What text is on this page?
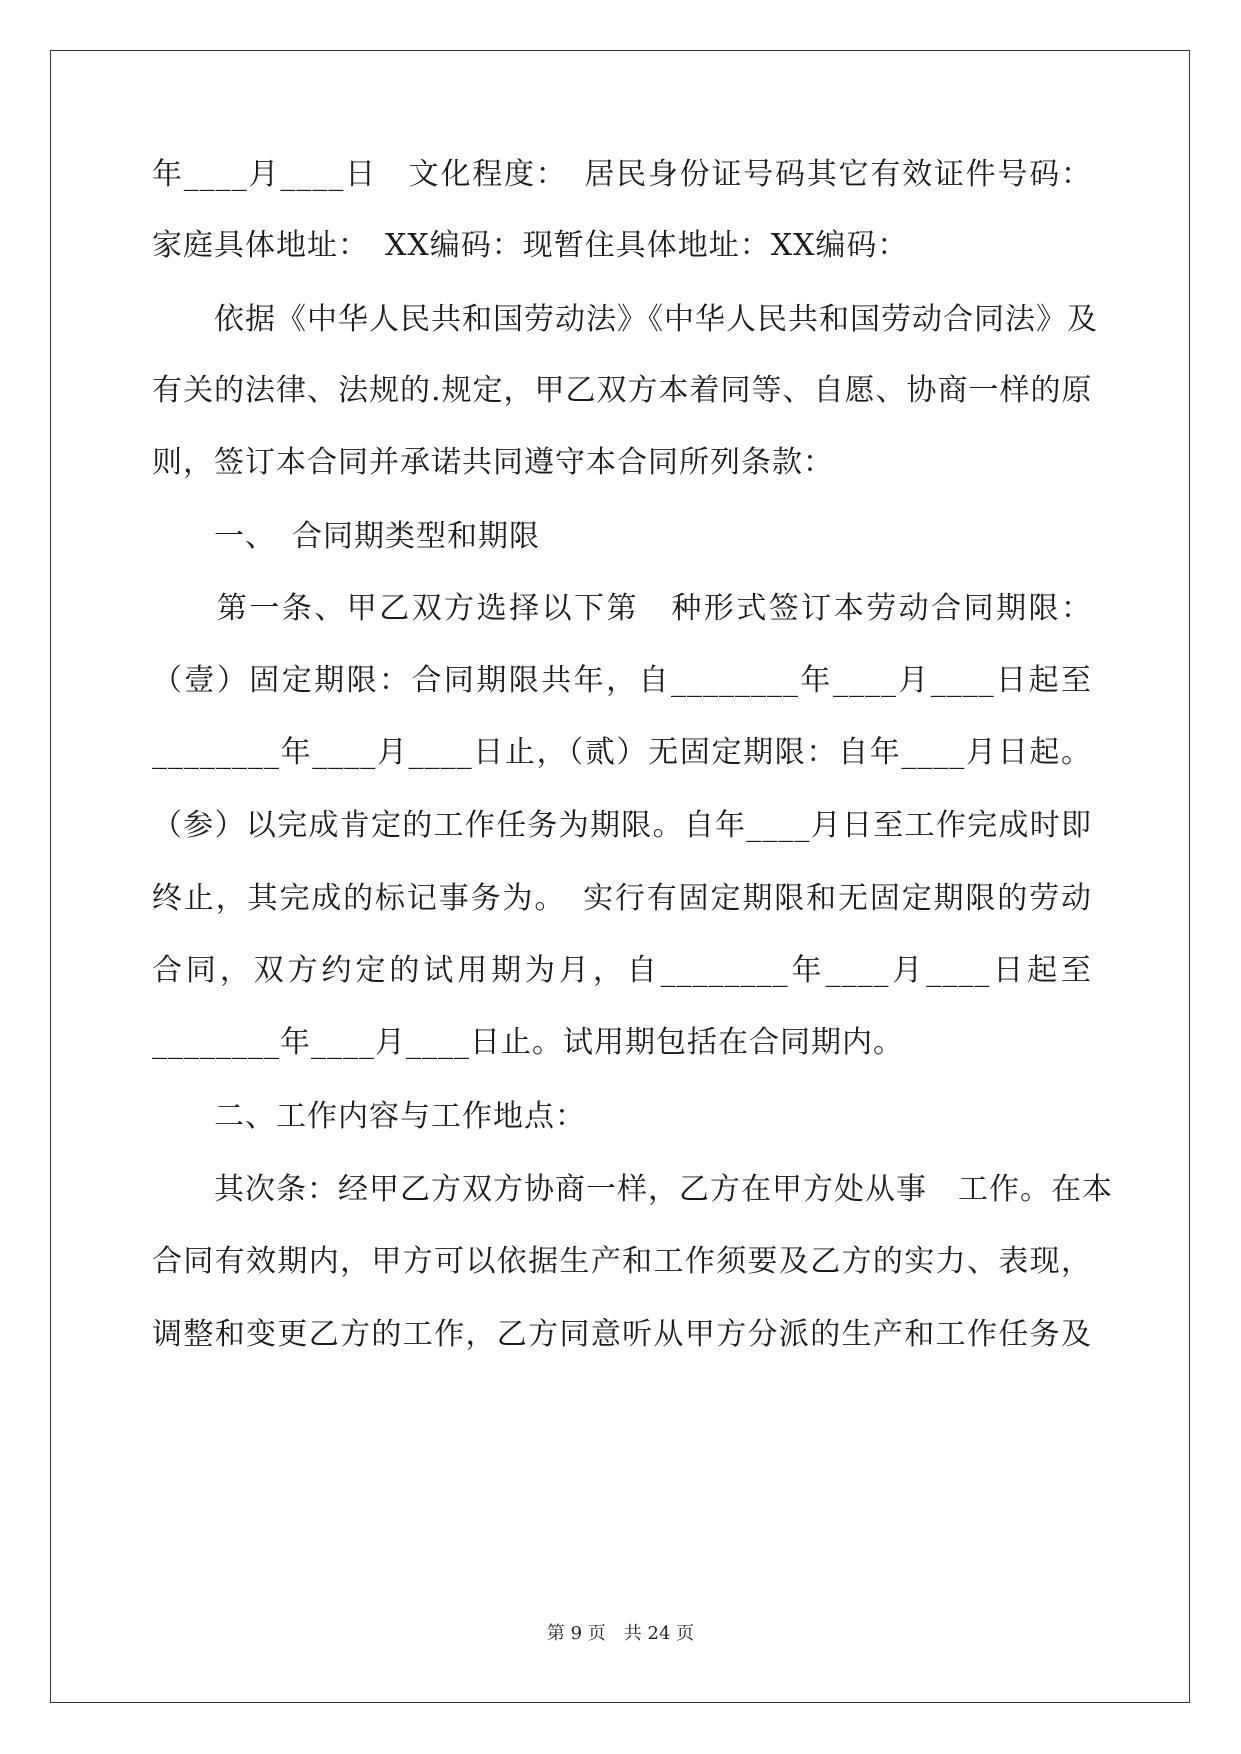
年____月____日　文化程度：　居民身份证号码其它有效证件号码：
家庭具体地址：　XX编码：现暂住具体地址：XX编码：
　　依据《中华人民共和国劳动法》《中华人民共和国劳动合同法》及
有关的法律、法规的.规定，甲乙双方本着同等、自愿、协商一样的原
则，签订本合同并承诺共同遵守本合同所列条款：
　　一、　合同期类型和期限
　　第一条、甲乙双方选择以下第　种形式签订本劳动合同期限：
（壹）固定期限：合同期限共年，自________年____月____日起至
________年____月____日止，（贰）无固定期限：自年____月日起。
（参）以完成肯定的工作任务为期限。自年____月日至工作完成时即
终止，其完成的标记事务为。　实行有固定期限和无固定期限的劳动
合同，双方约定的试用期为月，自________年____月____日起至
________年____月____日止。试用期包括在合同期内。
　　二、工作内容与工作地点：
　　其次条：经甲乙方双方协商一样，乙方在甲方处从事　工作。在本
合同有效期内，甲方可以依据生产和工作须要及乙方的实力、表现，
调整和变更乙方的工作，乙方同意听从甲方分派的生产和工作任务及
第 9 页　共 24 页
